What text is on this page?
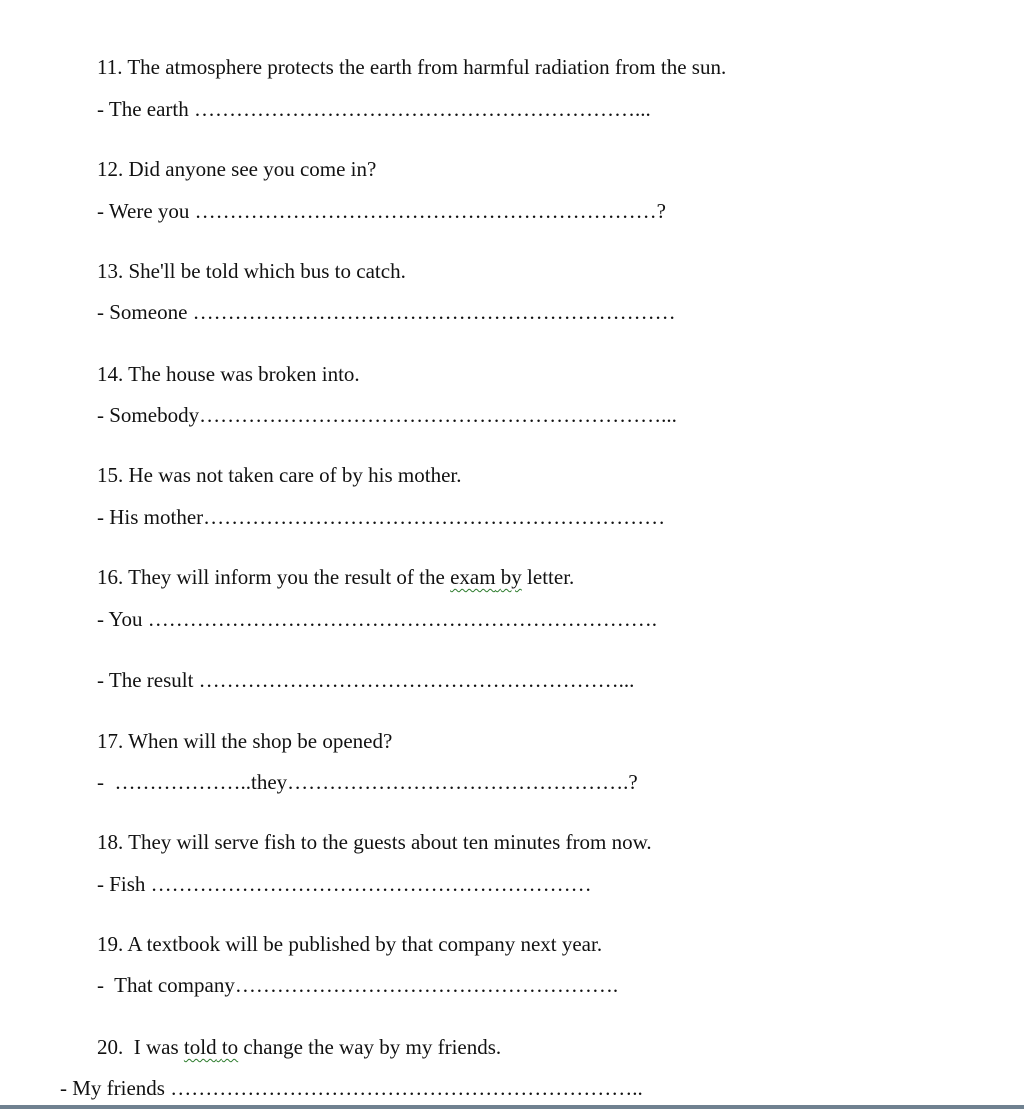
11. The atmosphere protects the earth from harmful radiation from the sun.
- The earth ………………………………………………………...
12. Did anyone see you come in?
- Were you …………………………………………………………?
13. She'll be told which bus to catch.
- Someone ……………………………………………………………
14. The house was broken into.
- Somebody…………………………………………………………...
15. He was not taken care of by his mother.
- His mother…………………………………………………………
16. They will inform you the result of the exam by letter.
- You ……………………………………………………………….
- The result ……………………………………………………...
17. When will the shop be opened?
-  ………………..they………………………………………….?
18. They will serve fish to the guests about ten minutes from now.
- Fish ………………………………………………………
19. A textbook will be published by that company next year.
-  That company……………………………………………….
20.  I was told to change the way by my friends.
- My friends …………………………………………………………..
